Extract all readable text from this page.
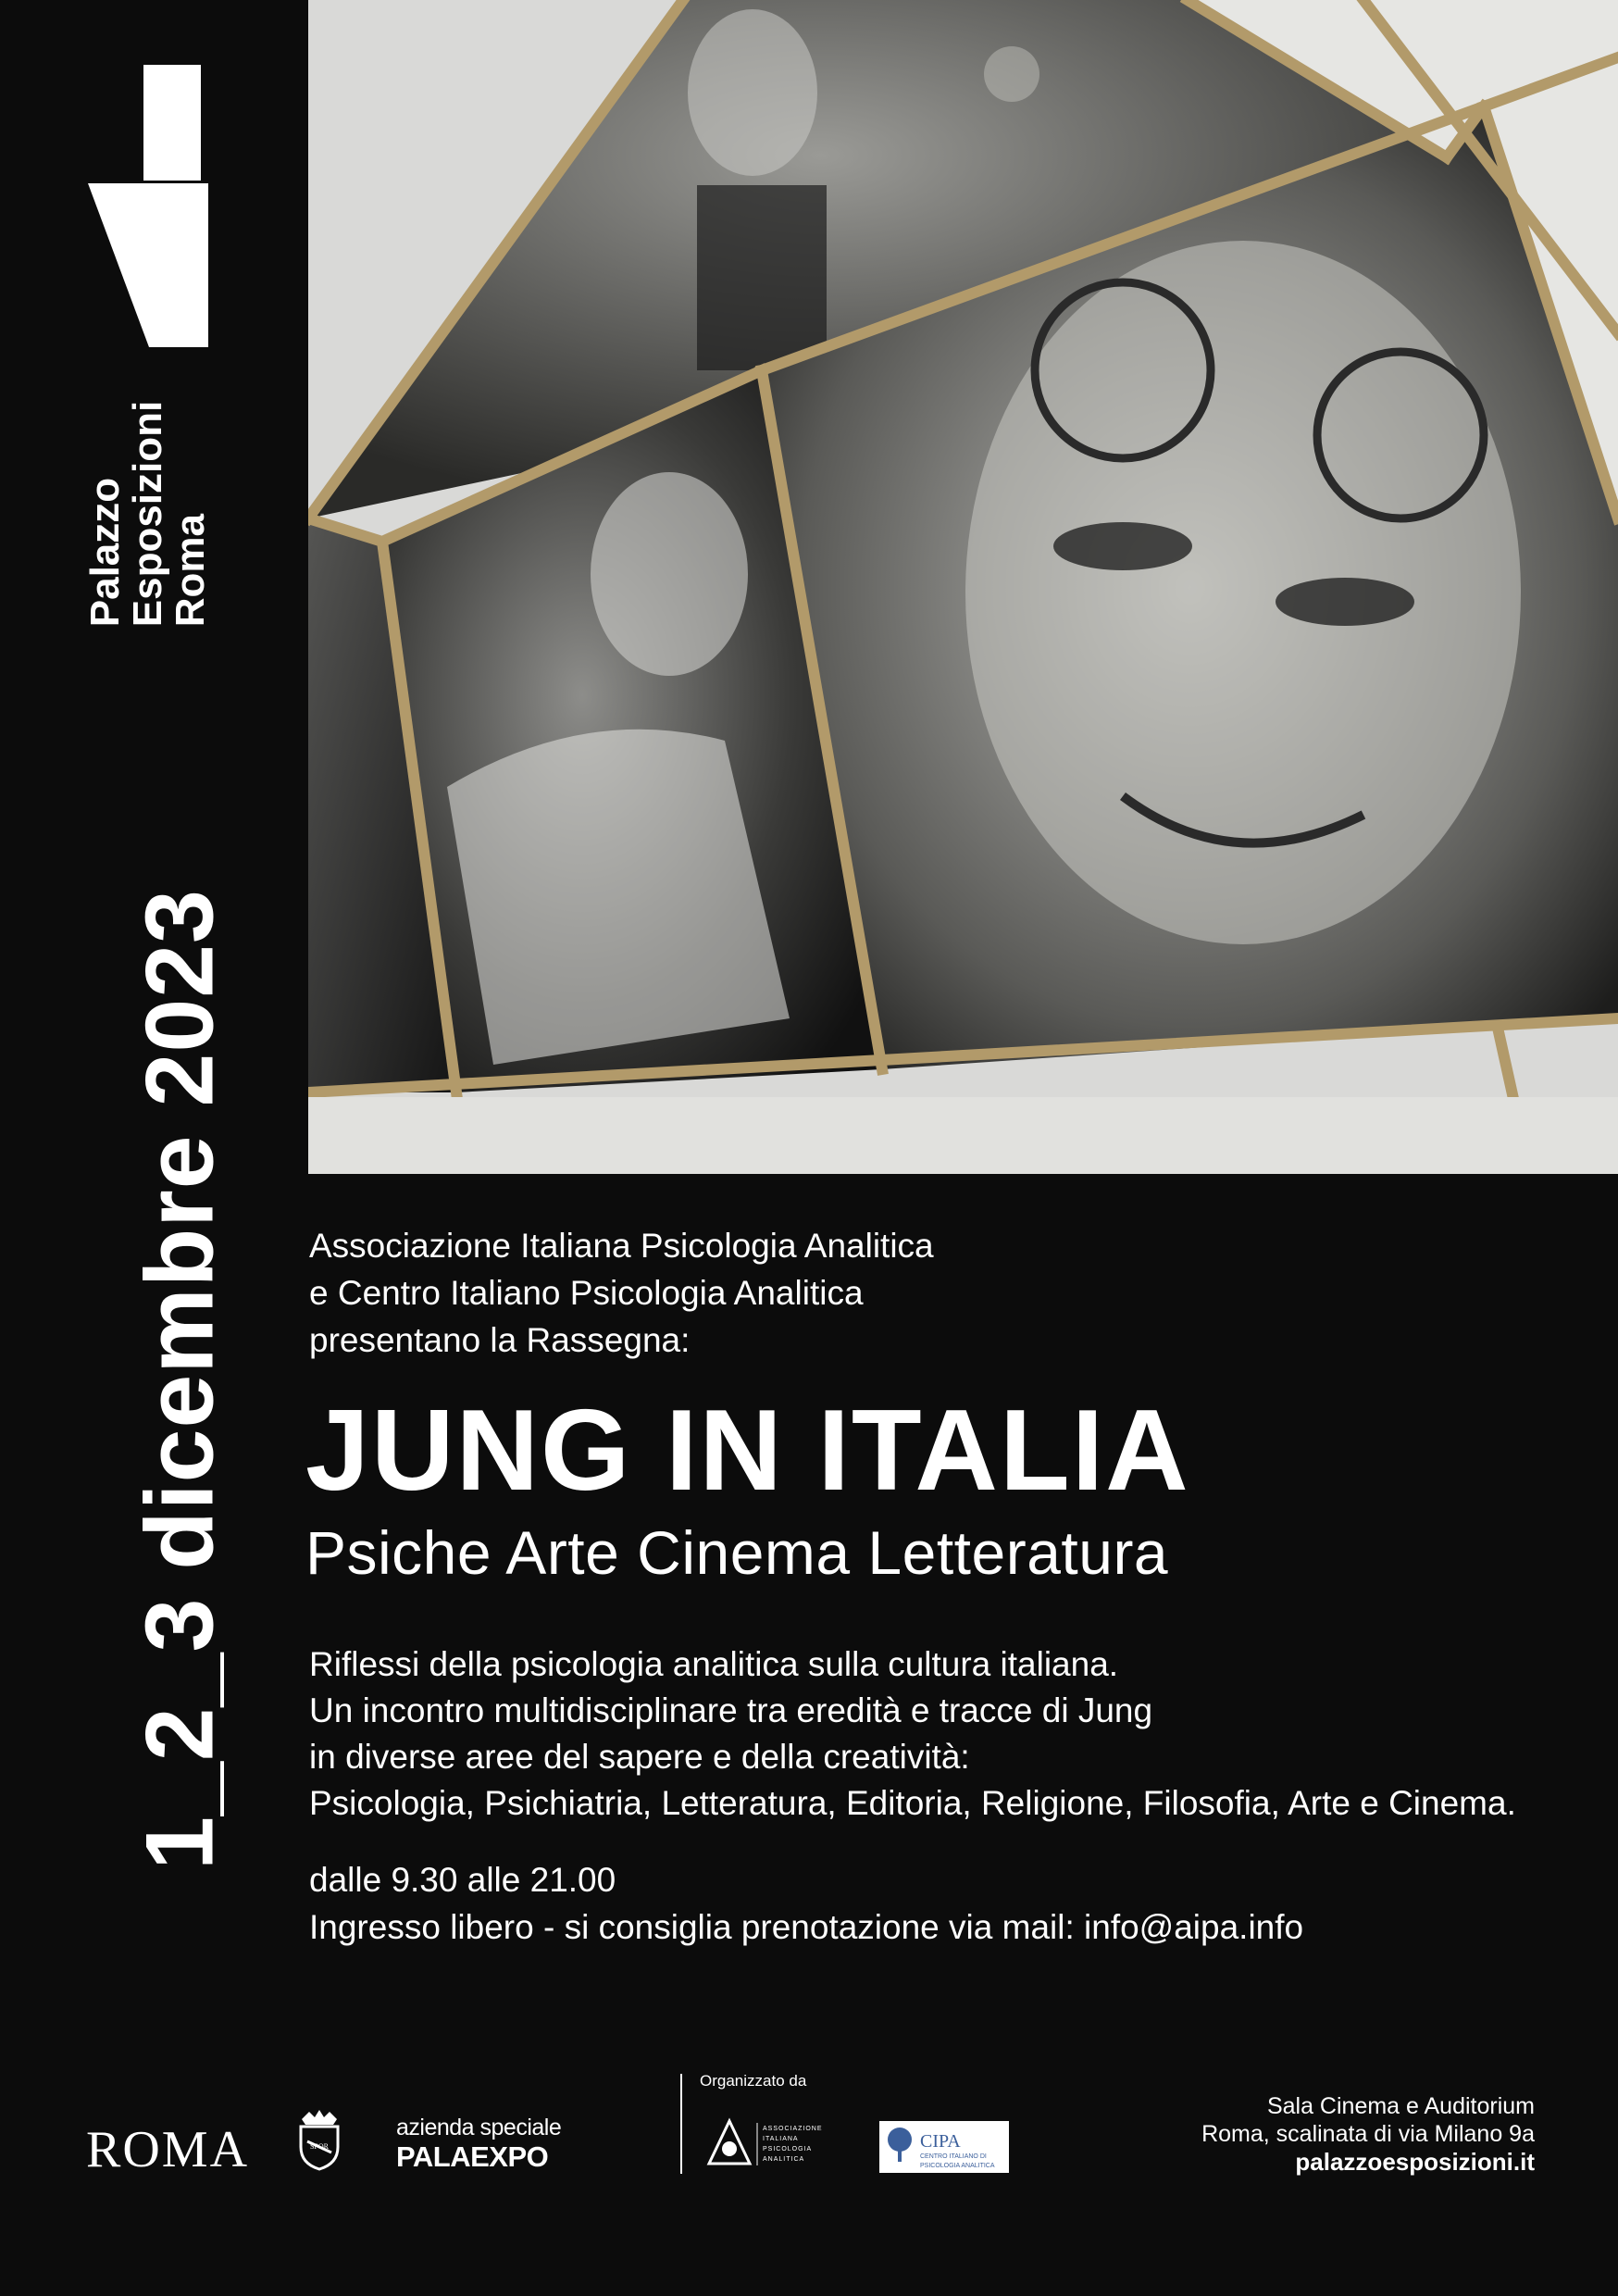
Palazzo
Esposizioni
Roma
1_2_3 dicembre 2023 Associazione Italiana Psicologia Analitica
e Centro Italiano Psicologia Analitica
presentano la Rassegna:
JUNG IN ITALIA
Psiche Arte Cinema Letteratura
Riflessi della psicologia analitica sulla cultura italiana.
Un incontro multidisciplinare tra eredità e tracce di Jung
in diverse aree del sapere e della creatività:
Psicologia, Psichiatria, Letteratura, Editoria, Religione, Filosofia, Arte e Cinema.
dalle 9.30 alle 21.00
Ingresso libero - si consiglia prenotazione via mail: info@aipa.info
ROMA	SPQR
azienda speciale
PALAEXPO
Organizzato da
ASSOCIAZIONE
ITALIANA
PSICOLOGIA
ANALITICA
CIPA
CENTRO ITALIANO DI
PSICOLOGIA ANALITICA
Sala Cinema e Auditorium
Roma, scalinata di via Milano 9a
palazzoesposizioni.it
